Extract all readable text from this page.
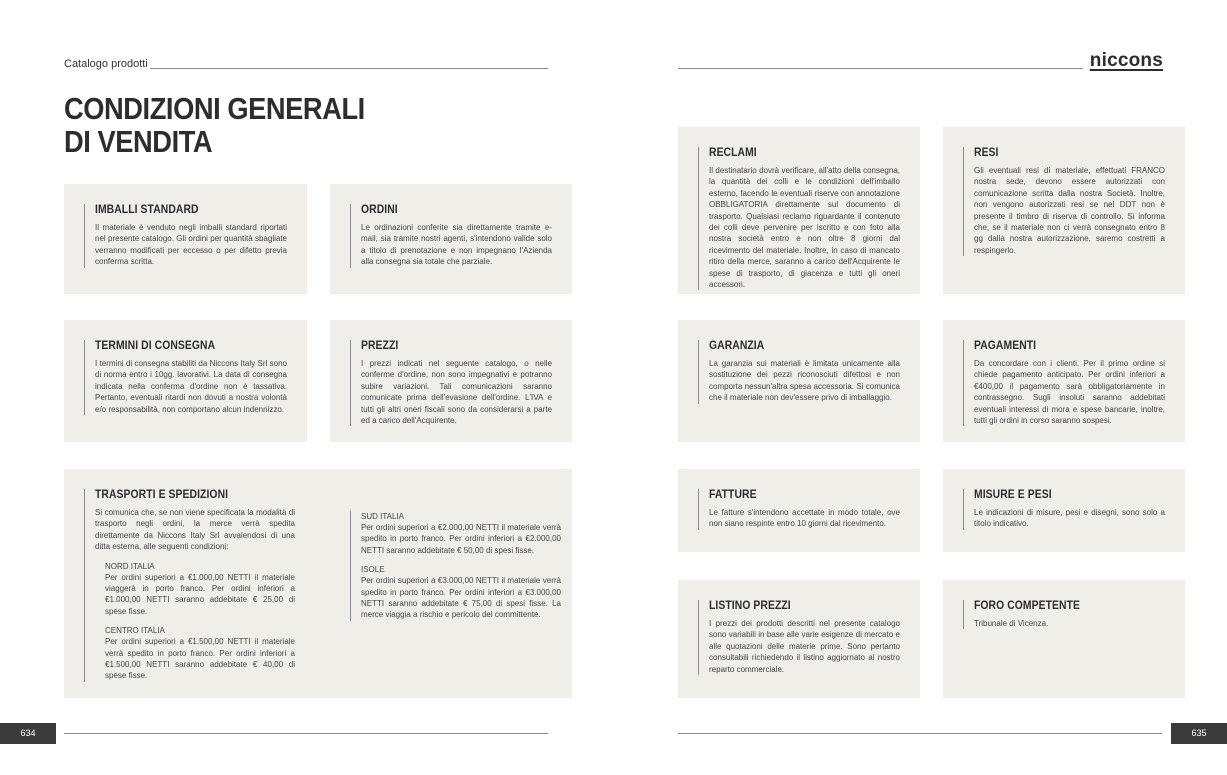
Catalogo prodotti	niccons
CONDIZIONI GENERALI
DI VENDITA
IMBALLI STANDARD

Il materiale è venduto negli imballi standard riportati nel presente catalogo. Gli ordini per quantità sbagliate verranno modificati per eccesso o per difetto previa conferma scritta.

ORDINI

Le ordinazioni conferite sia direttamente tramite e-mail, sia tramite nostri agenti, s'intendono valide solo a titolo di prenotazione e non impegnano l'Azienda alla consegna sia totale che parziale.

TERMINI DI CONSEGNA

I termini di consegna stabiliti da Niccons Italy Srl sono di norma entro i 10gg. lavorativi. La data di consegna indicata nella conferma d'ordine non è tassativa. Pertanto, eventuali ritardi non dovuti a nostra volontà e/o responsabilità, non comportano alcun indennizzo.

PREZZI

I prezzi indicati nel seguente catalogo, o nelle conferme d'ordine, non sono impegnativi e potranno subire variazioni. Tali comunicazioni saranno comunicate prima dell'evasione dell'ordine. L'IVA e tutti gli altri oneri fiscali sono da considerarsi a parte ed a carico dell'Acquirente.

TRASPORTI E SPEDIZIONI

Si comunica che, se non viene specificata la modalità di trasporto negli ordini, la merce verrà spedita direttamente da Niccons Italy Srl avvalendosi di una ditta esterna, alle seguenti condizioni:

NORD ITALIA
Per ordini superiori a €1.000,00 NETTI il materiale viaggerà in porto franco. Per ordini inferiori a €1.000,00 NETTI saranno addebitate € 25,00 di spese fisse.
CENTRO ITALIA
Per ordini superiori a €1.500,00 NETTI il materiale verrà spedito in porto franco. Per ordini inferiori a €1.500,00 NETTI saranno addebitate € 40,00 di spese fisse.
SUD ITALIA
Per ordini superiori a €2.000,00 NETTI il materiale verrà spedito in porto franco. Per ordini inferiori a €2.000,00 NETTI saranno addebitate € 50,00 di spesi fisse.
ISOLE
Per ordini superiori a €3.000,00 NETTI il materiale verrà spedito in porto franco. Per ordini inferiori a €3.000,00 NETTI saranno addebitate € 75,00 di spesi fisse. La merce viaggia a rischio e pericolo del committente.
RECLAMI

Il destinatario dovrà verificare, all'atto della consegna, la quantità dei colli e le condizioni dell'imballo esterno, facendo le eventuali riserve con annotazione OBBLIGATORIA direttamente sul documento di trasporto. Qualsiasi reclamo riguardante il contenuto dei colli deve pervenire per iscritto e con foto alla nostra società entro e non oltre 8 giorni dal ricevimento del materiale. Inoltre, in caso di mancato ritiro della merce, saranno a carico dell'Acquirente le spese di trasporto, di giacenza e tutti gli oneri accessori.

RESI

Gli eventuali resi di materiale, effettuati FRANCO nostra sede, devono essere autorizzati con comunicazione scritta dalla nostra Società. Inoltre, non vengono autorizzati resi se nel DDT non è presente il timbro di riserva di controllo. Si informa che, se il materiale non ci verrà consegnato entro 8 gg dalla nostra autorizzazione, saremo costretti a respingerlo.

GARANZIA

La garanzia sui materiali è limitata unicamente alla sostituzione dei pezzi riconosciuti difettosi e non comporta nessun'altra spesa accessoria. Si comunica che il materiale non dev'essere privo di imballaggio.

PAGAMENTI

Da concordare con i clienti. Per il primo ordine si chiede pagamento anticipato. Per ordini inferiori a €400,00 il pagamento sarà obbligatoriamente in contrassegno. Sugli insoluti saranno addebitati eventuali interessi di mora e spese bancarie, inoltre, tutti gli ordini in corso saranno sospesi.

FATTURE

Le fatture s'intendono accettate in modo totale, ove non siano respinte entro 10 giorni dal ricevimento.

MISURE E PESI

Le indicazioni di misure, pesi e disegni, sono solo a titolo indicativo.

LISTINO PREZZI

I prezzi dei prodotti descritti nel presente catalogo sono variabili in base alle varie esigenze di mercato e alle quotazioni delle materie prime. Sono pertanto consultabili richiedendo il listino aggiornato al nostro reparto commerciale.

FORO COMPETENTE

Tribunale di Vicenza.

634	635
